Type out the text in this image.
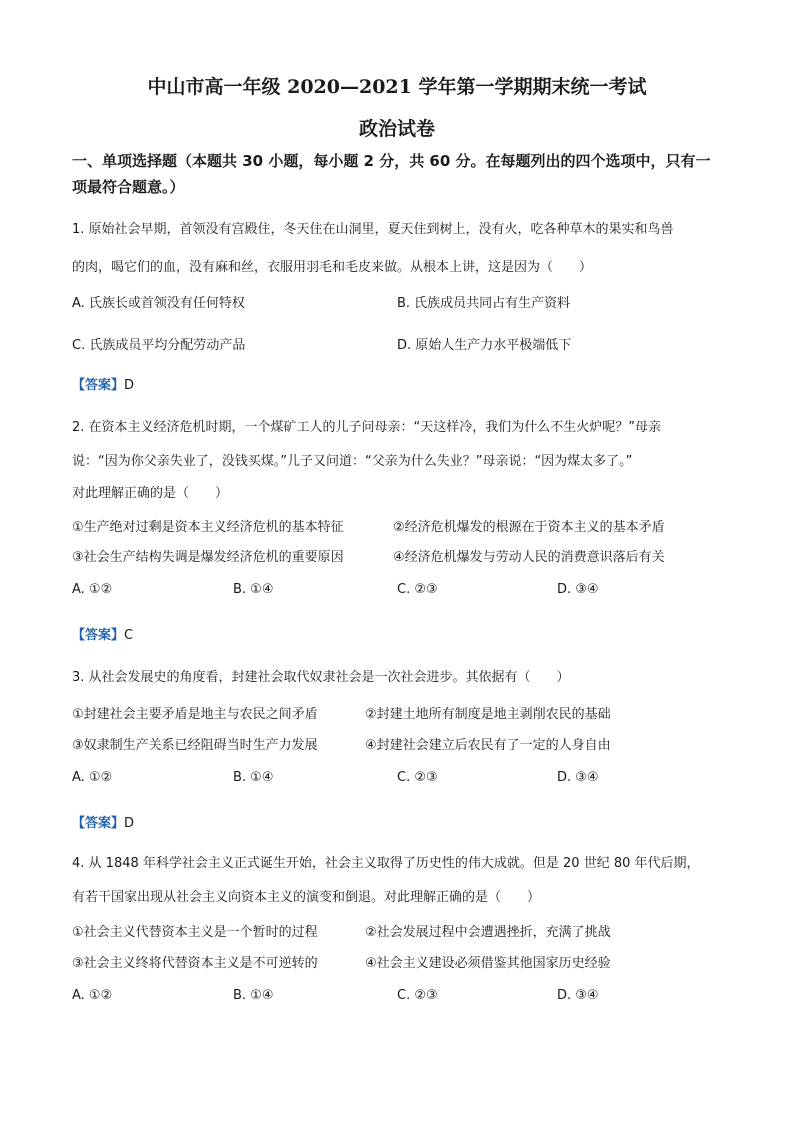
中山市高一年级 2020—2021 学年第一学期期末统一考试
政治试卷
一、单项选择题（本题共 30 小题，每小题 2 分，共 60 分。在每题列出的四个选项中，只有一项最符合题意。）
1. 原始社会早期，首领没有宫殿住，冬天住在山洞里，夏天住到树上，没有火，吃各种草木的果实和鸟兽
的肉，喝它们的血，没有麻和丝，衣服用羽毛和毛皮来做。从根本上讲，这是因为（　　）
A. 氏族长或首领没有任何特权	B. 氏族成员共同占有生产资料
C. 氏族成员平均分配劳动产品	D. 原始人生产力水平极端低下
【答案】D
2. 在资本主义经济危机时期，一个煤矿工人的儿子问母亲：“天这样冷，我们为什么不生火炉呢？”母亲
说：“因为你父亲失业了，没钱买煤。”儿子又问道：“父亲为什么失业？”母亲说：“因为煤太多了。”
对此理解正确的是（　　）
①生产绝对过剩是资本主义经济危机的基本特征	②经济危机爆发的根源在于资本主义的基本矛盾
③社会生产结构失调是爆发经济危机的重要原因	④经济危机爆发与劳动人民的消费意识落后有关
A. ①②	B. ①④	C. ②③	D. ③④
【答案】C
3. 从社会发展史的角度看，封建社会取代奴隶社会是一次社会进步。其依据有（　　）
①封建社会主要矛盾是地主与农民之间矛盾	②封建土地所有制度是地主剥削农民的基础
③奴隶制生产关系已经阻碍当时生产力发展	④封建社会建立后农民有了一定的人身自由
A. ①②	B. ①④	C. ②③	D. ③④
【答案】D
4. 从 1848 年科学社会主义正式诞生开始，社会主义取得了历史性的伟大成就。但是 20 世纪 80 年代后期，
有若干国家出现从社会主义向资本主义的演变和倒退。对此理解正确的是（　　）
①社会主义代替资本主义是一个暂时的过程	②社会发展过程中会遭遇挫折，充满了挑战
③社会主义终将代替资本主义是不可逆转的	④社会主义建设必须借鉴其他国家历史经验
A. ①②	B. ①④	C. ②③	D. ③④
